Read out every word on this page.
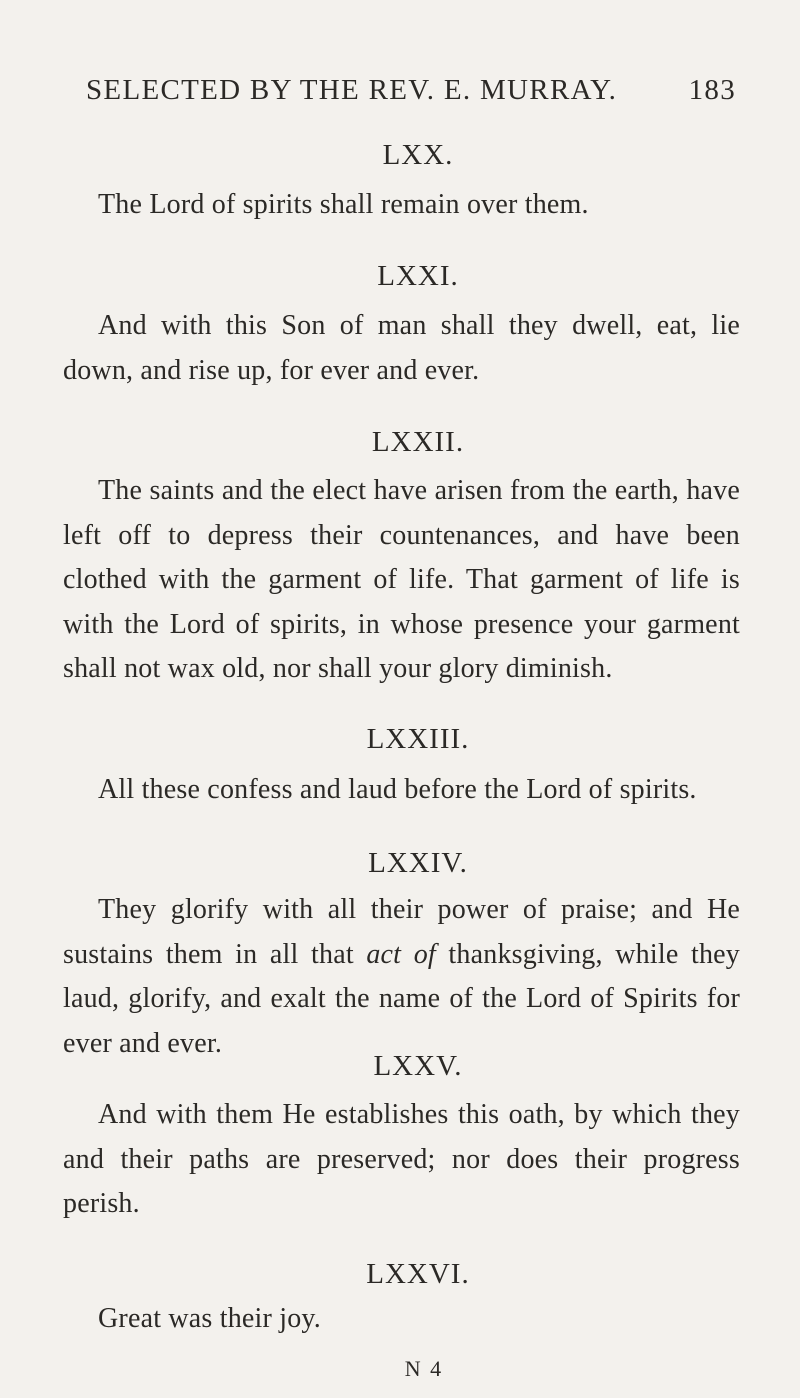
SELECTED BY THE REV. E. MURRAY. 183
LXX.
The Lord of spirits shall remain over them.
LXXI.
And with this Son of man shall they dwell, eat, lie down, and rise up, for ever and ever.
LXXII.
The saints and the elect have arisen from the earth, have left off to depress their countenances, and have been clothed with the garment of life. That garment of life is with the Lord of spirits, in whose presence your garment shall not wax old, nor shall your glory diminish.
LXXIII.
All these confess and laud before the Lord of spirits.
LXXIV.
They glorify with all their power of praise; and He sustains them in all that act of thanksgiving, while they laud, glorify, and exalt the name of the Lord of Spirits for ever and ever.
LXXV.
And with them He establishes this oath, by which they and their paths are preserved; nor does their progress perish.
LXXVI.
Great was their joy.
N 4
